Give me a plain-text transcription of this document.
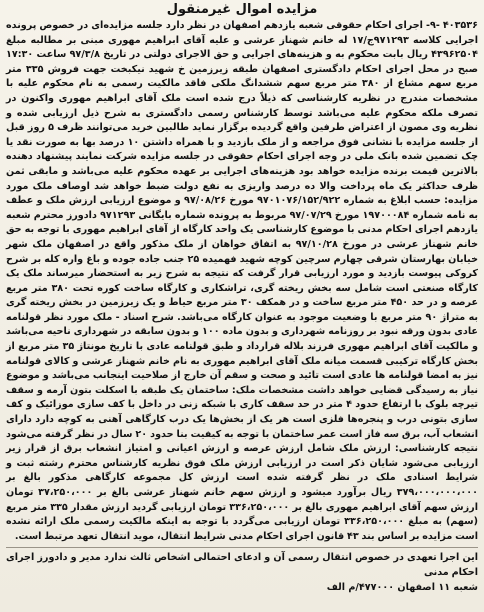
مزایده اموال غیرمنقول

۴۰۳۵۳۶ -۹- اجرای احکام حقوقی شعبه یازدهم اصفهان در نظر دارد جلسه مزایده‌ای در خصوص پرونده اجرایی کلاسه ۹۷۱۲۹۳ج/۱۷ له خانم شهناز عرشی و علیه آقای ابراهیم مهوری مبنی بر مطالبه مبلغ ۴۳۹۶۲۵۰۴ ریال بابت محکوم به و هزینه‌های اجرایی و حق الاجرای دولتی در تاریخ ۹۷/۳/۸ ساعت ۱۷:۳۰ صبح در محل اجرای احکام دادگستری اصفهان طبقه زیرزمین خ شهید نیکبخت جهت فروش ۳۳۵ متر مربع سهم مشاع از ۳۸۰ متر مربع سهم ششدانگ ملکی فاقد مالکیت رسمی به نام محکوم علیه با مشخصات مندرج در نظریه کارشناسی که ذیلاً درج شده است ملک آقای ابراهیم مهوری واکنون در تصرف ملکه محکوم علیه می‌باشد توسط کارشناس رسمی دادگستری به شرح ذیل ارزیابی شده و نظریه وی مصون از اعتراض طرفین واقع گردیده برگزار نماید طالبین خرید می‌توانند ظرف ۵ روز قبل از جلسه مزایده با نشانی فوق مراجعه و از ملک بازدید و با همراه داشتن ۱۰ درصد بها به صورت نقد یا چک تضمین شده بانک ملی در وجه اجرای احکام حقوقی در جلسه مزایده شرکت نمایند پیشنهاد دهنده بالاترین قیمت برنده مزایده خواهد بود هزینه‌های اجرایی بر عهده محکوم علیه می‌باشد و مابقی ثمن ظرف حداکثر یک ماه پرداخت والا ده درصد واریزی به نفع دولت ضبط خواهد شد اوصاف ملک مورد مزایده: حسب ابلاغ به شماره ۹۷۰۱۰۷۶/۱۵۲/۹۲۲ مورخ ۹۷/۰۸/۲۶ و موضوع ارزیابی ارزش ملک و عطف به نامه شماره ۱۹۷۰۰۰۸۴ مورخ ۹۷/۰۷/۲۹ مربوط به پرونده شماره بایگانی ۹۷۱۲۹۳ دادورز محترم شعبه یازدهم اجرای احکام مدنی با موضوع کارشناسی یک واحد کارگاه از آقای ابراهیم مهوری با توجه به حق خانم شهناز عرشی در مورخ ۹۷/۱۰/۲۸ به اتفاق خواهان از ملک مذکور واقع در اصفهان ملک شهر خیابان بهارستان شرقی چهارم سرچین کوچه شهید فهمیده ۲۵ جنب جاده جوده و باغ واره کله بر شرح کروکی پیوست بازدید و مورد ارزیابی قرار گرفت که نتیجه به شرح زیر به استحضار میرساند ملک یک کارگاه صنعتی است شامل سه بخش ریخته گری، تراشکاری و کارگاه ساخت کوره تحت ۳۸۰ متر مربع عرصه و در حد ۴۵۰ متر مربع ساخت و در همکف ۳۰ متر مربع حیاط و یک زیرزمین در بخش ریخته گری به متراژ ۹۰ متر مربع با وضعیت موجود به عنوان کارگاه می‌باشد. شرح اسناد - ملک مورد نظر قولنامه عادی بدون ورقه نبود بر روزنامه شهرداری و بدون ماده ۱۰۰ و بدون سابقه در شهرداری ناحیه می‌باشد و مالکیت آقای ابراهیم مهوری فرزند بلاله قرارداد و طبق قولنامه عادی با تاریخ مونتاژ ۳۵ متر مربع از بخش کارگاه ترکیبی قسمت میانه ملک آقای ابراهیم مهوری به نام خانم شهناز عرشی و کالای قولنامه نیز به امضا قولنامه ها عادی است تائید و صحت و سقم آن خارج از صلاحیت اینجانب می‌باشد و موضوع نیاز به رسیدگی قضایی خواهد داشت مشخصات ملک: ساختمان یک طبقه با اسکلت بتون آرمه و سقف تیرچه بلوک با ارتفاع حدود ۴ متر در حد سقف کاری با شبکه زنی در داخل با کف سازی موزائیک و کف سازی بتونی درب و پنجره‌ها فلزی است هر یک از بخش‌ها یک درب کارگاهی آهنی به کوچه دارد دارای انشعاب آب، برق سه فاز است عمر ساختمان با توجه به کیفیت بنا حدود ۲۰ سال در نظر گرفته می‌شود نتیجه کارشناسی: ارزش ملک شامل ارزش عرصه و ارزش اعیانی و امتیاز انشعاب برق از قرار زیر ارزیابی می‌شود شایان ذکر است در ارزیابی ارزش ملک فوق نظریه کارشناس محترم رشته ثبت و شرایط اسنادی ملک در نظر گرفته شده است ارزش کل مجموعه کارگاهی مذکور بالغ بر ۳۷۹،۰۰۰،۰۰۰،۰۰۰ ریال برآورد میشود و ارزش سهم خانم شهناز عرشی بالغ بر ۳۷،۲۵۰،۰۰۰ تومان ارزش سهم آقای ابراهیم مهوری بالغ بر ۳۳۶،۲۵۰،۰۰۰ تومان ارزیابی گردید ارزش مقدار ۳۳۵ متر مربع (سهم) به مبلغ ۳۳۶،۲۵۰،۰۰۰ تومان ارزیابی می‌گردد با توجه به اینکه مالکیت رسمی ملک ارائه نشده است مزایده بر اساس بند ۴۳ قانون اجرای احکام مدنی شرایط انتقال، موید انتقال تعهد مرتبط است.

این اجرا تعهدی در خصوص انتقال رسمی آن و ادعای احتمالی اشخاص ثالث ندارد مدیر و دادورز اجرای احکام مدنی

شعبه ۱۱ اصفهان ۴۷۷۰۰۰/م الف
